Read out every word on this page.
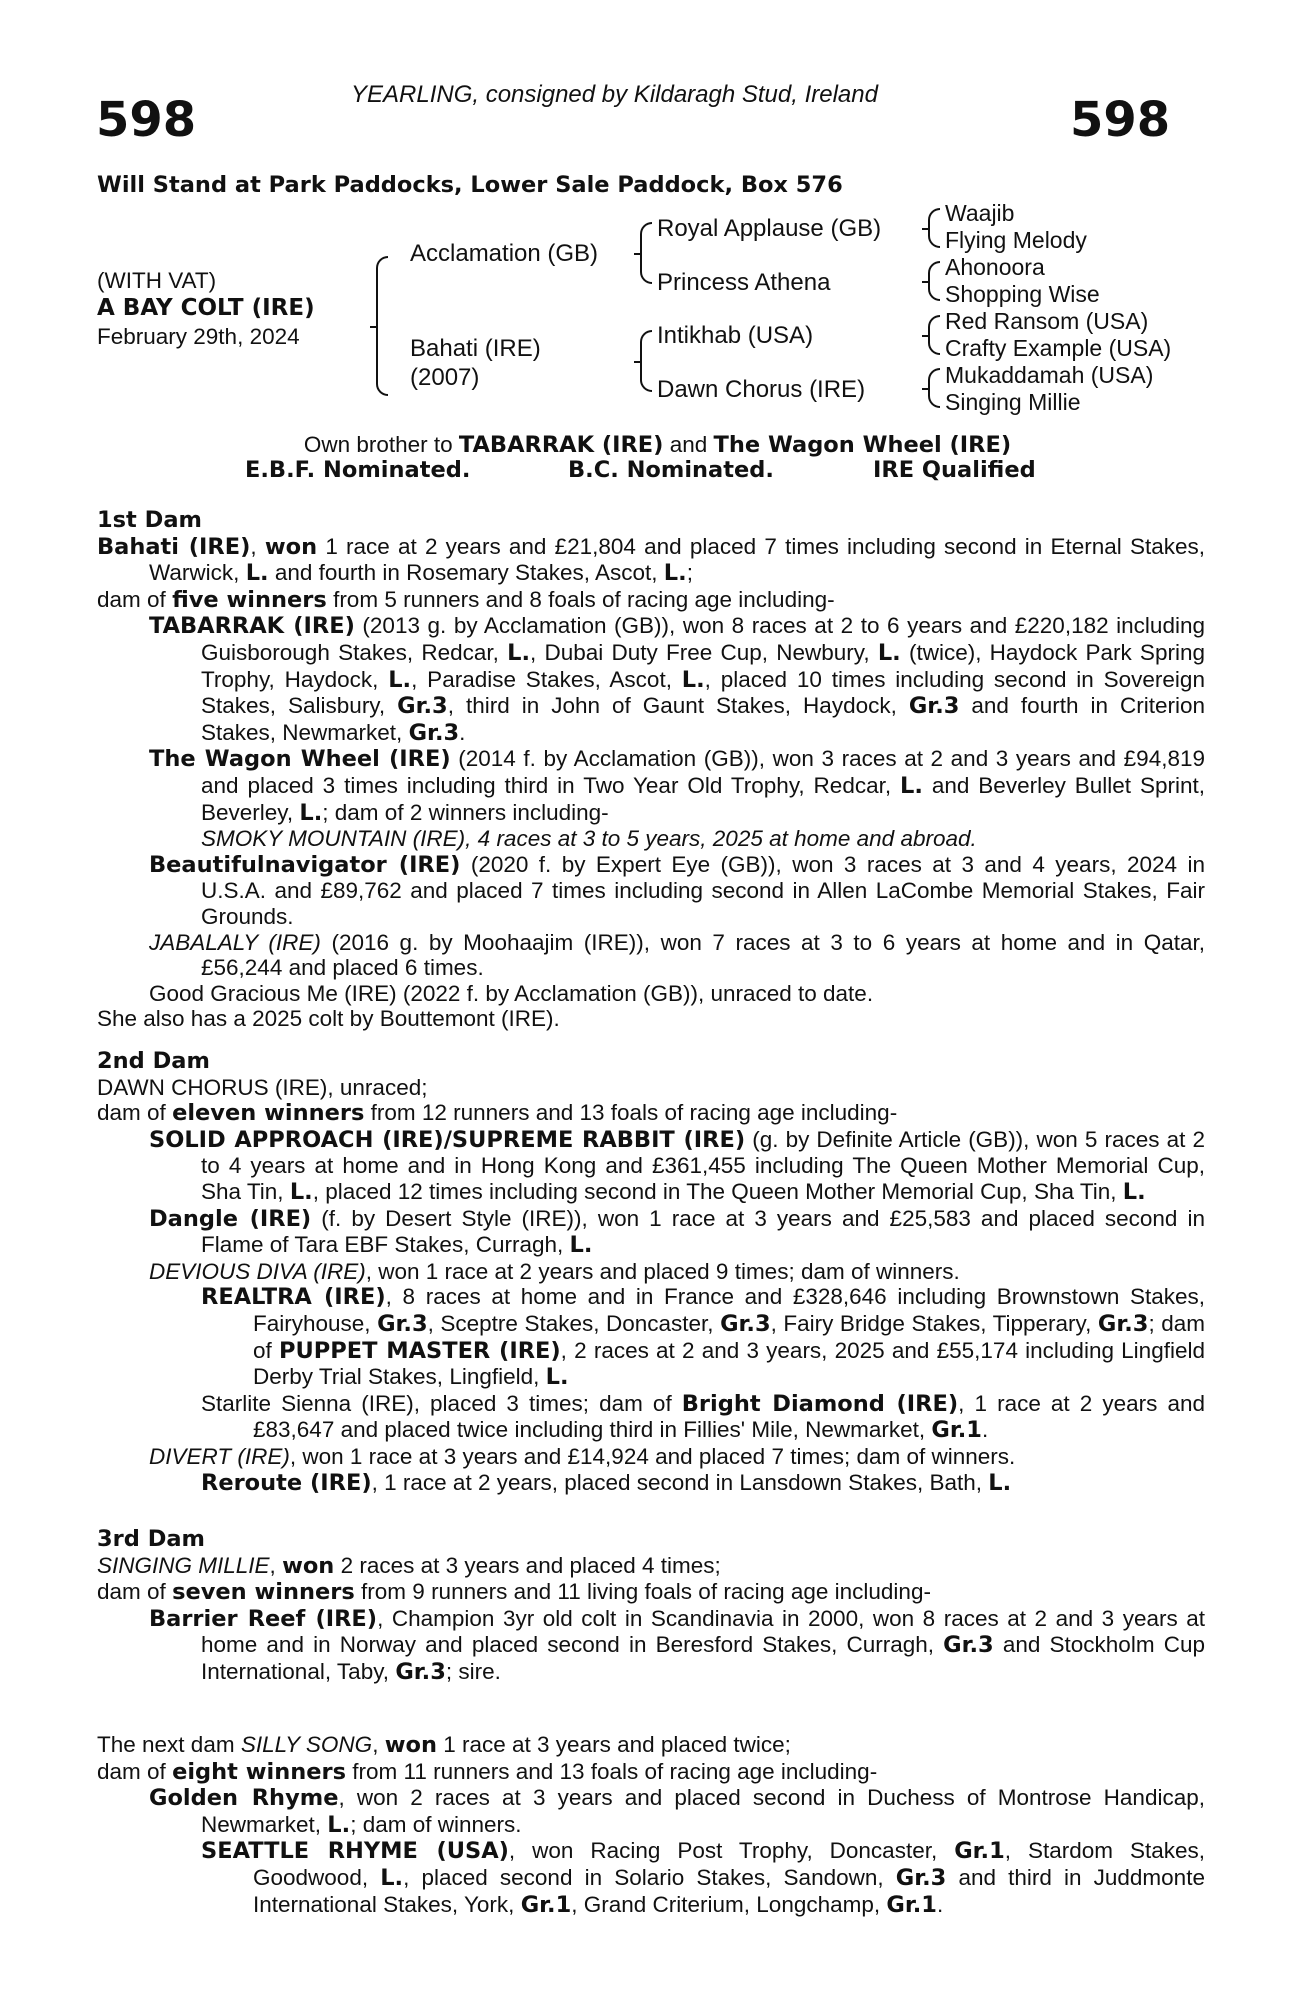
YEARLING, consigned by Kildaragh Stud, Ireland
598	598
Will Stand at Park Paddocks, Lower Sale Paddock, Box 576
(WITH VAT)
A BAY COLT (IRE)
February 29th, 2024
Acclamation (GB)
Bahati (IRE)
(2007)
Royal Applause (GB)
Princess Athena
Intikhab (USA)
Dawn Chorus (IRE)
Waajib
Flying Melody
Ahonoora
Shopping Wise
Red Ransom (USA)
Crafty Example (USA)
Mukaddamah (USA)
Singing Millie
Own brother to TABARRAK (IRE) and The Wagon Wheel (IRE)
E.B.F. Nominated.	B.C. Nominated.	IRE Qualified

1st Dam

Bahati (IRE), won 1 race at 2 years and £21,804 and placed 7 times including second in Eternal Stakes, Warwick, L. and fourth in Rosemary Stakes, Ascot, L.;

dam of five winners from 5 runners and 8 foals of racing age including-

TABARRAK (IRE) (2013 g. by Acclamation (GB)), won 8 races at 2 to 6 years and £220,182 including Guisborough Stakes, Redcar, L., Dubai Duty Free Cup, Newbury, L. (twice), Haydock Park Spring Trophy, Haydock, L., Paradise Stakes, Ascot, L., placed 10 times including second in Sovereign Stakes, Salisbury, Gr.3, third in John of Gaunt Stakes, Haydock, Gr.3 and fourth in Criterion Stakes, Newmarket, Gr.3.

The Wagon Wheel (IRE) (2014 f. by Acclamation (GB)), won 3 races at 2 and 3 years and £94,819 and placed 3 times including third in Two Year Old Trophy, Redcar, L. and Beverley Bullet Sprint, Beverley, L.; dam of 2 winners including-

SMOKY MOUNTAIN (IRE), 4 races at 3 to 5 years, 2025 at home and abroad.

Beautifulnavigator (IRE) (2020 f. by Expert Eye (GB)), won 3 races at 3 and 4 years, 2024 in U.S.A. and £89,762 and placed 7 times including second in Allen LaCombe Memorial Stakes, Fair Grounds.

JABALALY (IRE) (2016 g. by Moohaajim (IRE)), won 7 races at 3 to 6 years at home and in Qatar, £56,244 and placed 6 times.

Good Gracious Me (IRE) (2022 f. by Acclamation (GB)), unraced to date.

She also has a 2025 colt by Bouttemont (IRE).

2nd Dam

DAWN CHORUS (IRE), unraced;

dam of eleven winners from 12 runners and 13 foals of racing age including-

SOLID APPROACH (IRE)/SUPREME RABBIT (IRE) (g. by Definite Article (GB)), won 5 races at 2 to 4 years at home and in Hong Kong and £361,455 including The Queen Mother Memorial Cup, Sha Tin, L., placed 12 times including second in The Queen Mother Memorial Cup, Sha Tin, L.

Dangle (IRE) (f. by Desert Style (IRE)), won 1 race at 3 years and £25,583 and placed second in Flame of Tara EBF Stakes, Curragh, L.

DEVIOUS DIVA (IRE), won 1 race at 2 years and placed 9 times; dam of winners.

REALTRA (IRE), 8 races at home and in France and £328,646 including Brownstown Stakes, Fairyhouse, Gr.3, Sceptre Stakes, Doncaster, Gr.3, Fairy Bridge Stakes, Tipperary, Gr.3; dam of PUPPET MASTER (IRE), 2 races at 2 and 3 years, 2025 and £55,174 including Lingfield Derby Trial Stakes, Lingfield, L.

Starlite Sienna (IRE), placed 3 times; dam of Bright Diamond (IRE), 1 race at 2 years and £83,647 and placed twice including third in Fillies' Mile, Newmarket, Gr.1.

DIVERT (IRE), won 1 race at 3 years and £14,924 and placed 7 times; dam of winners.

Reroute (IRE), 1 race at 2 years, placed second in Lansdown Stakes, Bath, L.

3rd Dam

SINGING MILLIE, won 2 races at 3 years and placed 4 times;

dam of seven winners from 9 runners and 11 living foals of racing age including-

Barrier Reef (IRE), Champion 3yr old colt in Scandinavia in 2000, won 8 races at 2 and 3 years at home and in Norway and placed second in Beresford Stakes, Curragh, Gr.3 and Stockholm Cup International, Taby, Gr.3; sire.

The next dam SILLY SONG, won 1 race at 3 years and placed twice;

dam of eight winners from 11 runners and 13 foals of racing age including-

Golden Rhyme, won 2 races at 3 years and placed second in Duchess of Montrose Handicap, Newmarket, L.; dam of winners.

SEATTLE RHYME (USA), won Racing Post Trophy, Doncaster, Gr.1, Stardom Stakes, Goodwood, L., placed second in Solario Stakes, Sandown, Gr.3 and third in Juddmonte International Stakes, York, Gr.1, Grand Criterium, Longchamp, Gr.1.
